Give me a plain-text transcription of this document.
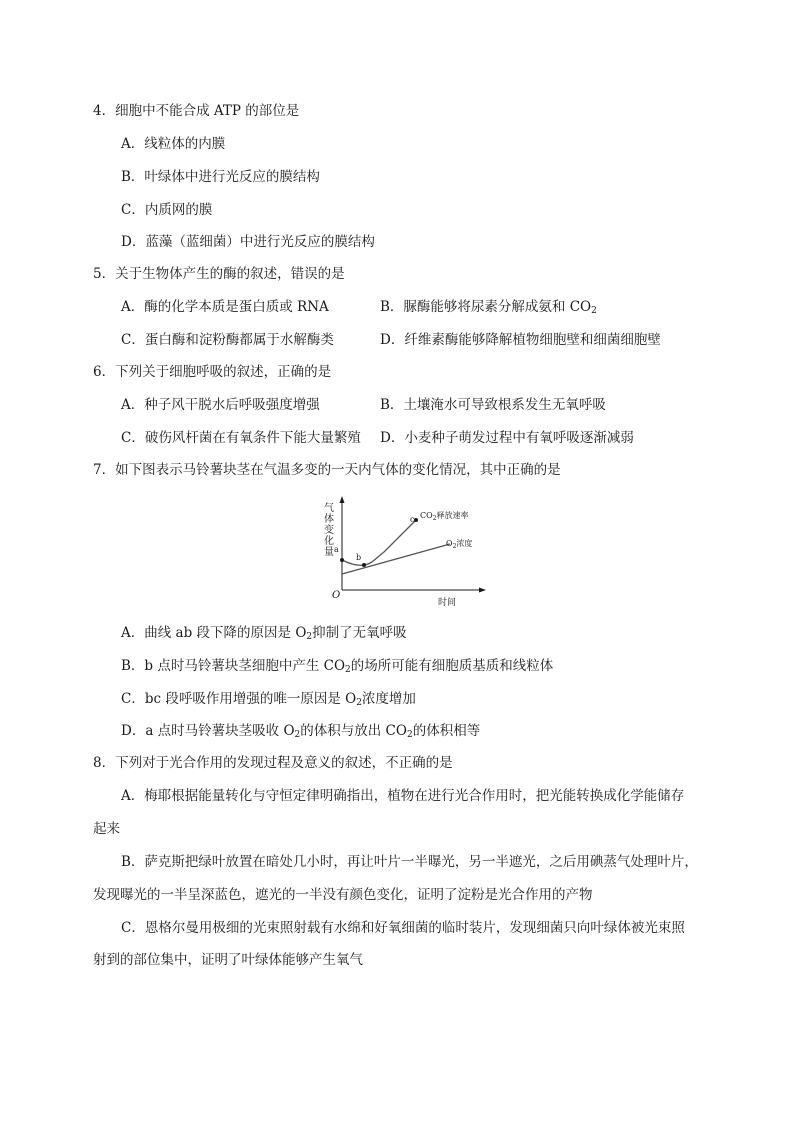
4．细胞中不能合成 ATP 的部位是
A．线粒体的内膜
B．叶绿体中进行光反应的膜结构
C．内质网的膜
D．蓝藻（蓝细菌）中进行光反应的膜结构
5．关于生物体产生的酶的叙述，错误的是
A．酶的化学本质是蛋白质或 RNA	B．脲酶能够将尿素分解成氨和 $CO_2$
C．蛋白酶和淀粉酶都属于水解酶类	D．纤维素酶能够降解植物细胞壁和细菌细胞壁
6．下列关于细胞呼吸的叙述，正确的是
A．种子风干脱水后呼吸强度增强	B．土壤淹水可导致根系发生无氧呼吸
C．破伤风杆菌在有氧条件下能大量繁殖 D．小麦种子萌发过程中有氧呼吸逐渐减弱
7．如下图表示马铃薯块茎在气温多变的一天内气体的变化情况，其中正确的是
气
体
变
化
量
O
时间
a
b
c $CO_2$释放速率
$O_2$浓度
A．曲线 ab 段下降的原因是 $O_2$抑制了无氧呼吸
B．b 点时马铃薯块茎细胞中产生 $CO_2$的场所可能有细胞质基质和线粒体
C．bc 段呼吸作用增强的唯一原因是 $O_2$浓度增加
D．a 点时马铃薯块茎吸收 $O_2$的体积与放出 $CO_2$的体积相等
8．下列对于光合作用的发现过程及意义的叙述，不正确的是
A．梅耶根据能量转化与守恒定律明确指出，植物在进行光合作用时，把光能转换成化学能储存
起来
B．萨克斯把绿叶放置在暗处几小时，再让叶片一半曝光，另一半遮光，之后用碘蒸气处理叶片，
发现曝光的一半呈深蓝色，遮光的一半没有颜色变化，证明了淀粉是光合作用的产物
C．恩格尔曼用极细的光束照射载有水绵和好氧细菌的临时装片，发现细菌只向叶绿体被光束照
射到的部位集中，证明了叶绿体能够产生氧气
